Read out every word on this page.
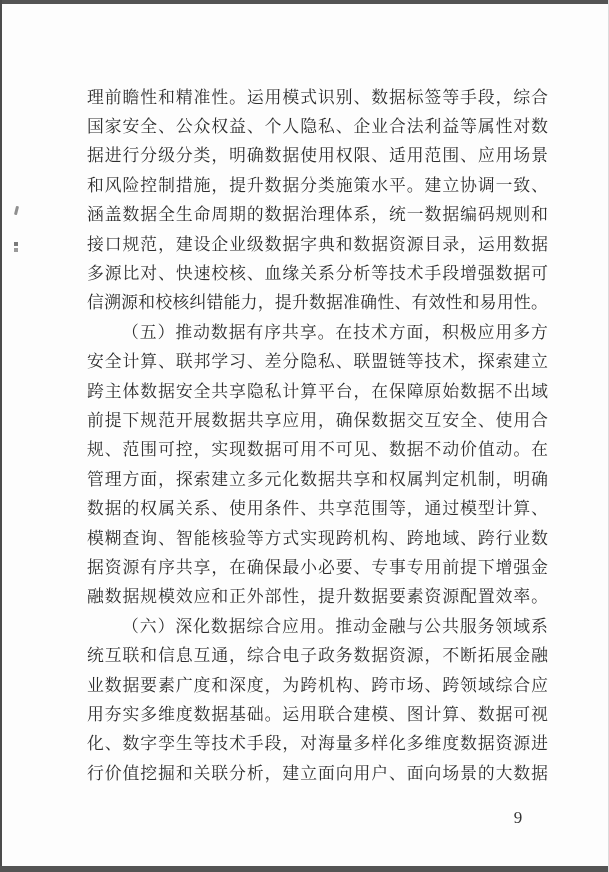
理 前 瞻 性 和 精 准 性 。 运 用 模 式 识 别 、 数 据 标 签 等 手 段 ， 综 合
国 家 安 全 、 公 众 权 益 、 个 人 隐 私 、 企 业 合 法 利 益 等 属 性 对 数
据 进 行 分 级 分 类 ， 明 确 数 据 使 用 权 限 、 适 用 范 围 、 应 用 场 景
和 风 险 控 制 措 施 ， 提 升 数 据 分 类 施 策 水 平 。 建 立 协 调 一 致 、
涵 盖 数 据 全 生 命 周 期 的 数 据 治 理 体 系 ， 统 一 数 据 编 码 规 则 和
接 口 规 范 ， 建 设 企 业 级 数 据 字 典 和 数 据 资 源 目 录 ， 运 用 数 据
多 源 比 对 、 快 速 校 核 、 血 缘 关 系 分 析 等 技 术 手 段 增 强 数 据 可
信 溯 源 和 校 核 纠 错 能 力 ， 提 升 数 据 准 确 性 、 有 效 性 和 易 用 性 。
（ 五 ） 推 动 数 据 有 序 共 享 。 在 技 术 方 面 ， 积 极 应 用 多 方
安 全 计 算 、 联 邦 学 习 、 差 分 隐 私 、 联 盟 链 等 技 术 ， 探 索 建 立
跨 主 体 数 据 安 全 共 享 隐 私 计 算 平 台 ， 在 保 障 原 始 数 据 不 出 域
前 提 下 规 范 开 展 数 据 共 享 应 用 ， 确 保 数 据 交 互 安 全 、 使 用 合
规 、 范 围 可 控 ， 实 现 数 据 可 用 不 可 见 、 数 据 不 动 价 值 动 。 在
管 理 方 面 ， 探 索 建 立 多 元 化 数 据 共 享 和 权 属 判 定 机 制 ， 明 确
数 据 的 权 属 关 系 、 使 用 条 件 、 共 享 范 围 等 ， 通 过 模 型 计 算 、
模 糊 查 询 、 智 能 核 验 等 方 式 实 现 跨 机 构 、 跨 地 域 、 跨 行 业 数
据 资 源 有 序 共 享 ， 在 确 保 最 小 必 要 、 专 事 专 用 前 提 下 增 强 金
融 数 据 规 模 效 应 和 正 外 部 性 ， 提 升 数 据 要 素 资 源 配 置 效 率 。
（ 六 ） 深 化 数 据 综 合 应 用 。 推 动 金 融 与 公 共 服 务 领 域 系
统 互 联 和 信 息 互 通 ， 综 合 电 子 政 务 数 据 资 源 ， 不 断 拓 展 金 融
业 数 据 要 素 广 度 和 深 度 ， 为 跨 机 构 、 跨 市 场 、 跨 领 域 综 合 应
用 夯 实 多 维 度 数 据 基 础 。 运 用 联 合 建 模 、 图 计 算 、 数 据 可 视
化 、 数 字 孪 生 等 技 术 手 段 ， 对 海 量 多 样 化 多 维 度 数 据 资 源 进
行 价 值 挖 掘 和 关 联 分 析 ， 建 立 面 向 用 户 、 面 向 场 景 的 大 数 据
9
